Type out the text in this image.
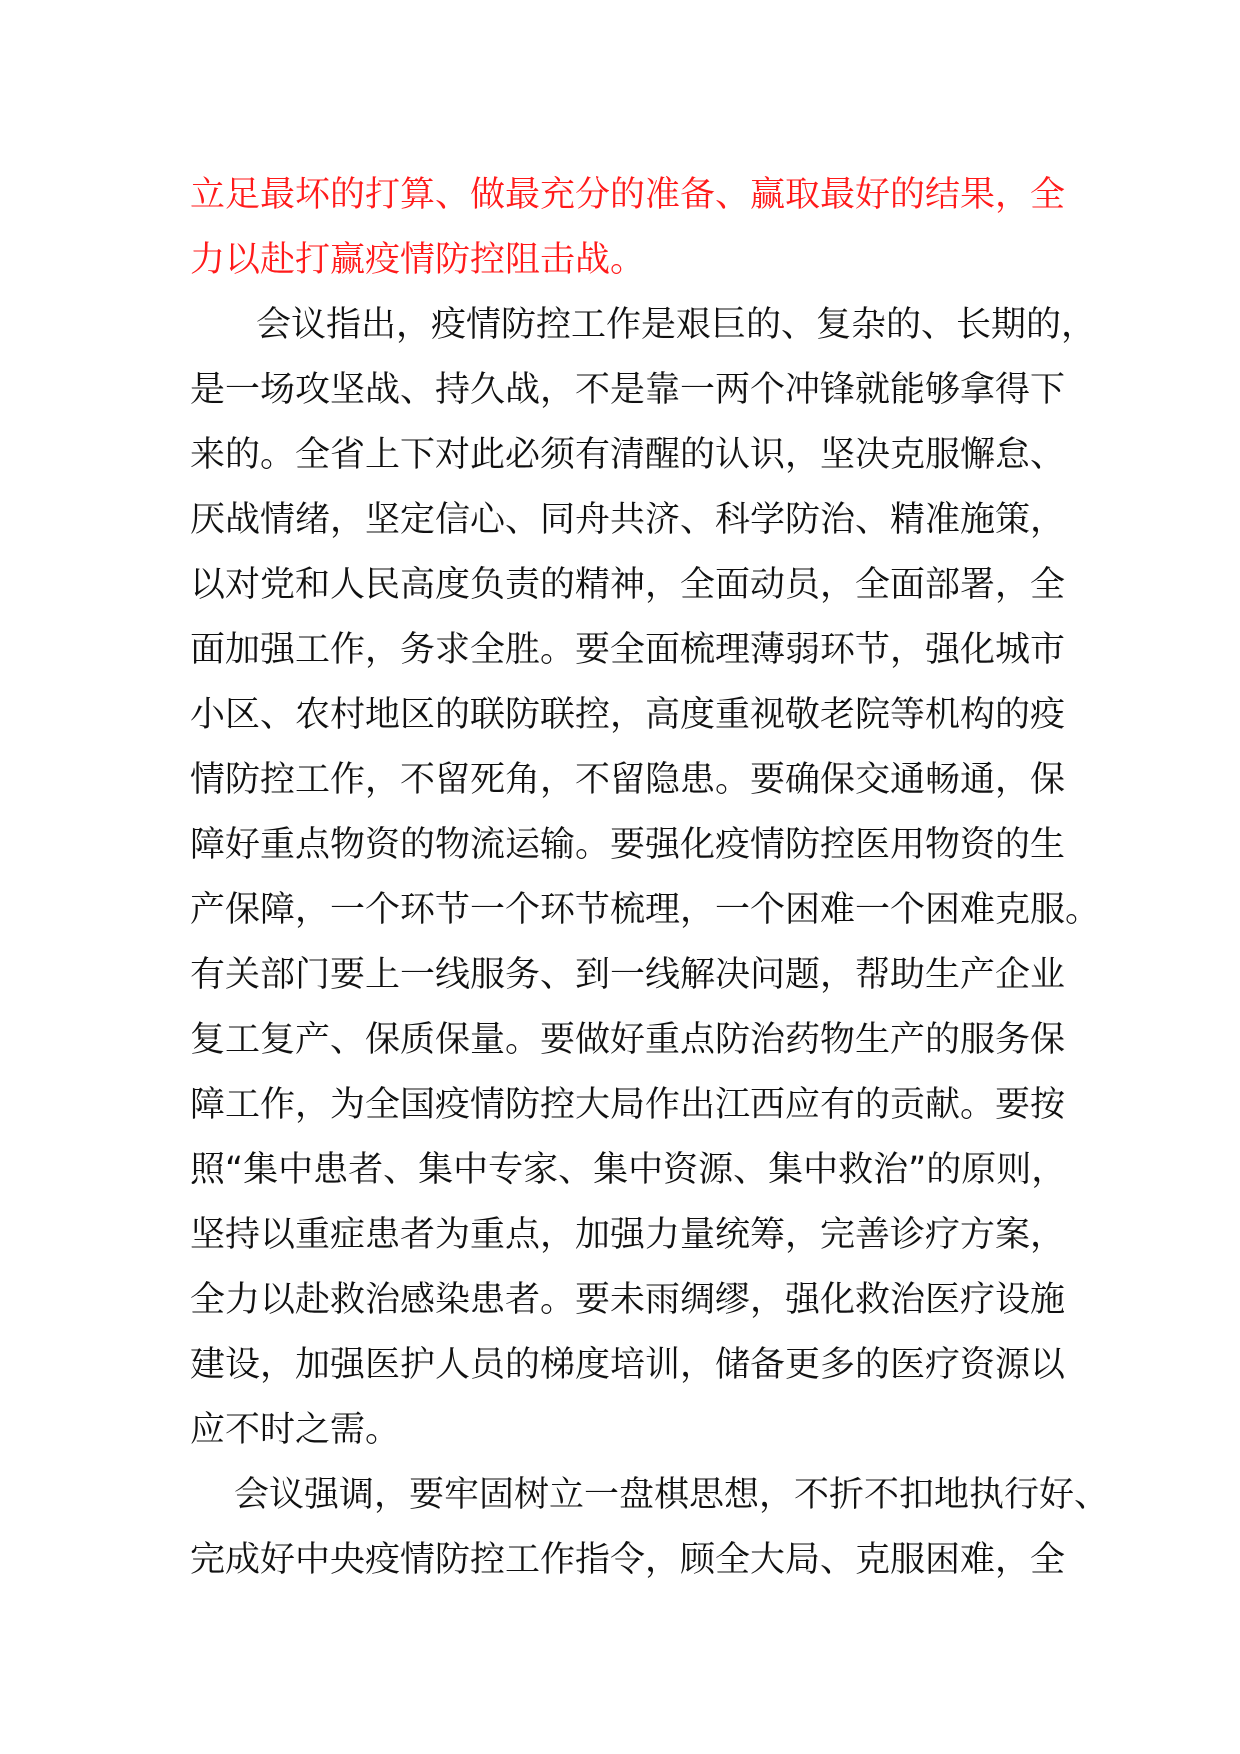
立足最坏的打算、做最充分的准备、赢取最好的结果，全
力以赴打赢疫情防控阻击战。
会议指出，疫情防控工作是艰巨的、复杂的、长期的，
是一场攻坚战、持久战，不是靠一两个冲锋就能够拿得下
来的。全省上下对此必须有清醒的认识，坚决克服懈怠、
厌战情绪，坚定信心、同舟共济、科学防治、精准施策，
以对党和人民高度负责的精神，全面动员，全面部署，全
面加强工作，务求全胜。要全面梳理薄弱环节，强化城市
小区、农村地区的联防联控，高度重视敬老院等机构的疫
情防控工作，不留死角，不留隐患。要确保交通畅通，保
障好重点物资的物流运输。要强化疫情防控医用物资的生
产保障，一个环节一个环节梳理，一个困难一个困难克服。
有关部门要上一线服务、到一线解决问题，帮助生产企业
复工复产、保质保量。要做好重点防治药物生产的服务保
障工作，为全国疫情防控大局作出江西应有的贡献。要按
照“集中患者、集中专家、集中资源、集中救治”的原则，
坚持以重症患者为重点，加强力量统筹，完善诊疗方案，
全力以赴救治感染患者。要未雨绸缪，强化救治医疗设施
建设，加强医护人员的梯度培训，储备更多的医疗资源以
应不时之需。
会议强调，要牢固树立一盘棋思想，不折不扣地执行好、
完成好中央疫情防控工作指令，顾全大局、克服困难，全
